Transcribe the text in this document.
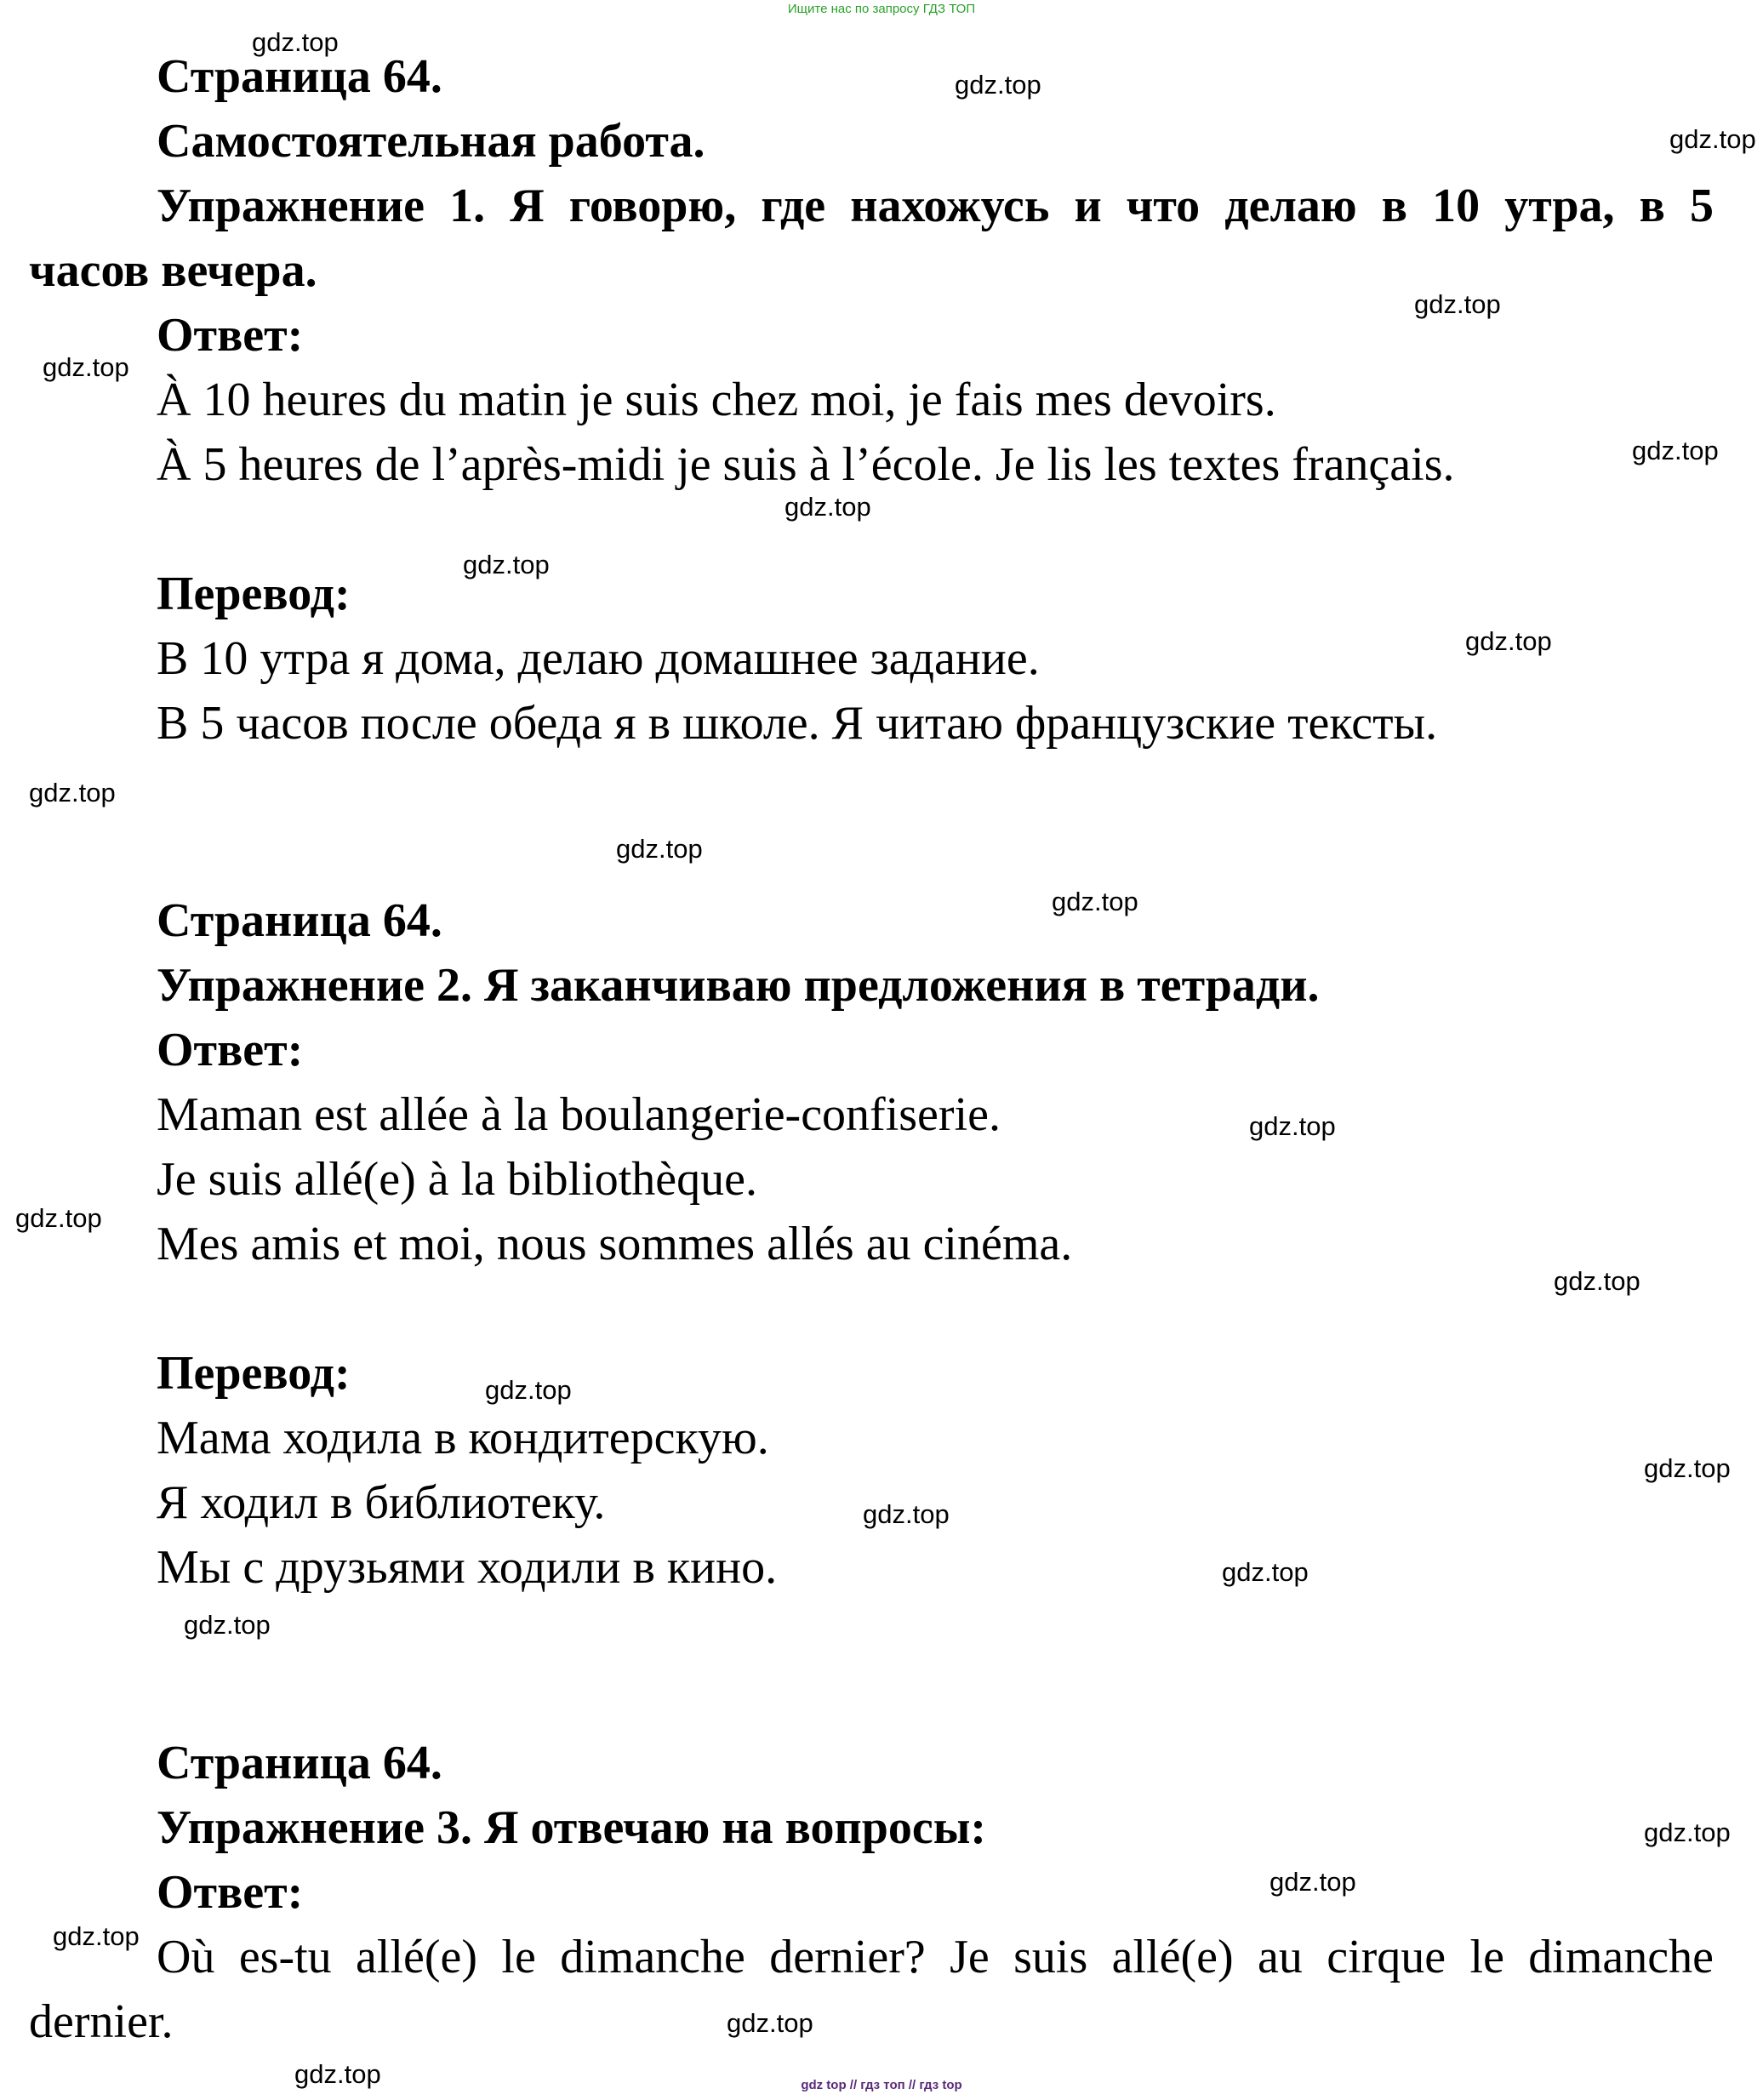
Ищите нас по запросу ГДЗ ТОП
Страница 64.
Самостоятельная работа.
Упражнение 1. Я говорю, где нахожусь и что делаю в 10 утра, в 5
часов вечера.
Ответ:
À 10 heures du matin je suis chez moi, je fais mes devoirs.
À 5 heures de l’après-midi je suis à l’école. Je lis les textes français.
Перевод:
В 10 утра я дома, делаю домашнее задание.
В 5 часов после обеда я в школе. Я читаю французские тексты.
Страница 64.
Упражнение 2. Я заканчиваю предложения в тетради.
Ответ:
Maman est allée à la boulangerie-confiserie.
Je suis allé(e) à la bibliothèque.
Mes amis et moi, nous sommes allés au cinéma.
Перевод:
Мама ходила в кондитерскую.
Я ходил в библиотеку.
Мы с друзьями ходили в кино.
Страница 64.
Упражнение 3. Я отвечаю на вопросы:
Ответ:
Où es-tu allé(e) le dimanche dernier? Je suis allé(e) au cirque le dimanche
dernier.
gdz.top
gdz.top
gdz.top
gdz.top
gdz.top
gdz.top
gdz.top
gdz.top
gdz.top
gdz.top
gdz.top
gdz.top
gdz.top
gdz.top
gdz.top
gdz.top
gdz.top
gdz.top
gdz.top
gdz.top
gdz.top
gdz.top
gdz.top
gdz.top
gdz.top	gdz top // гдз топ // гдз top
